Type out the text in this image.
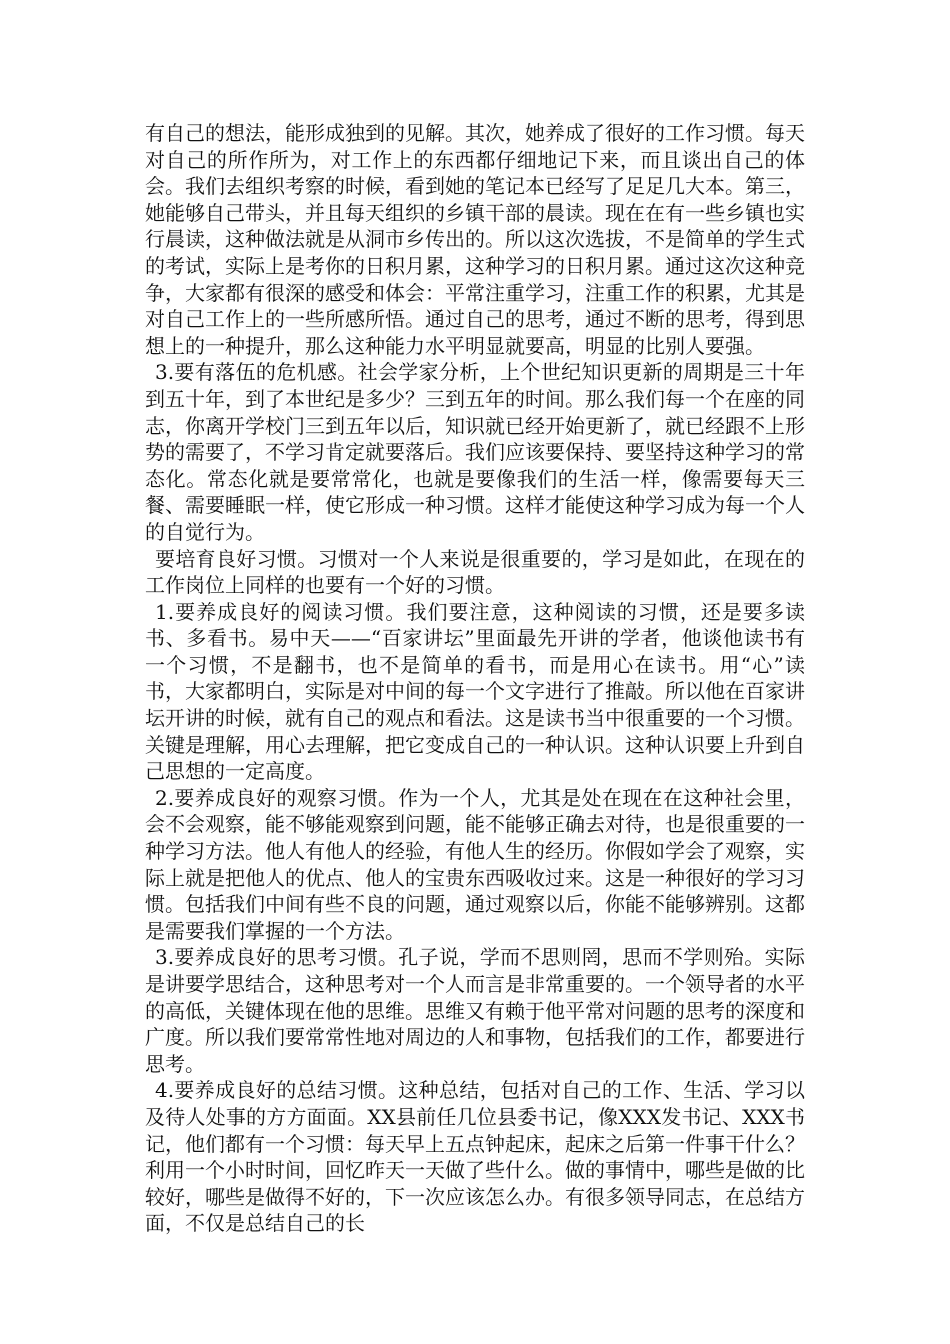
有自己的想法，能形成独到的见解。其次，她养成了很好的工作习惯。每天对自己的所作所为，对工作上的东西都仔细地记下来，而且谈出自己的体会。我们去组织考察的时候，看到她的笔记本已经写了足足几大本。第三，她能够自己带头，并且每天组织的乡镇干部的晨读。现在在有一些乡镇也实行晨读，这种做法就是从洞市乡传出的。所以这次选拔，不是简单的学生式的考试，实际上是考你的日积月累，这种学习的日积月累。通过这次这种竞争，大家都有很深的感受和体会：平常注重学习，注重工作的积累，尤其是对自己工作上的一些所感所悟。通过自己的思考，通过不断的思考，得到思想上的一种提升，那么这种能力水平明显就要高，明显的比别人要强。

3.要有落伍的危机感。社会学家分析，上个世纪知识更新的周期是三十年到五十年，到了本世纪是多少？三到五年的时间。那么我们每一个在座的同志，你离开学校门三到五年以后，知识就已经开始更新了，就已经跟不上形势的需要了，不学习肯定就要落后。我们应该要保持、要坚持这种学习的常态化。常态化就是要常常化，也就是要像我们的生活一样，像需要每天三餐、需要睡眠一样，使它形成一种习惯。这样才能使这种学习成为每一个人的自觉行为。

要培育良好习惯。习惯对一个人来说是很重要的，学习是如此，在现在的工作岗位上同样的也要有一个好的习惯。

1.要养成良好的阅读习惯。我们要注意，这种阅读的习惯，还是要多读书、多看书。易中天——“百家讲坛”里面最先开讲的学者，他谈他读书有一个习惯，不是翻书，也不是简单的看书，而是用心在读书。用“心”读书，大家都明白，实际是对中间的每一个文字进行了推敲。所以他在百家讲坛开讲的时候，就有自己的观点和看法。这是读书当中很重要的一个习惯。关键是理解，用心去理解，把它变成自己的一种认识。这种认识要上升到自己思想的一定高度。

2.要养成良好的观察习惯。作为一个人，尤其是处在现在在这种社会里，会不会观察，能不够能观察到问题，能不能够正确去对待，也是很重要的一种学习方法。他人有他人的经验，有他人生的经历。你假如学会了观察，实际上就是把他人的优点、他人的宝贵东西吸收过来。这是一种很好的学习习惯。包括我们中间有些不良的问题，通过观察以后，你能不能够辨别。这都是需要我们掌握的一个方法。

3.要养成良好的思考习惯。孔子说，学而不思则罔，思而不学则殆。实际是讲要学思结合，这种思考对一个人而言是非常重要的。一个领导者的水平的高低，关键体现在他的思维。思维又有赖于他平常对问题的思考的深度和广度。所以我们要常常性地对周边的人和事物，包括我们的工作，都要进行思考。

4.要养成良好的总结习惯。这种总结，包括对自己的工作、生活、学习以及待人处事的方方面面。XX县前任几位县委书记，像XXX发书记、XXX书记，他们都有一个习惯：每天早上五点钟起床，起床之后第一件事干什么？利用一个小时时间，回忆昨天一天做了些什么。做的事情中，哪些是做的比较好，哪些是做得不好的，下一次应该怎么办。有很多领导同志，在总结方面，不仅是总结自己的长
